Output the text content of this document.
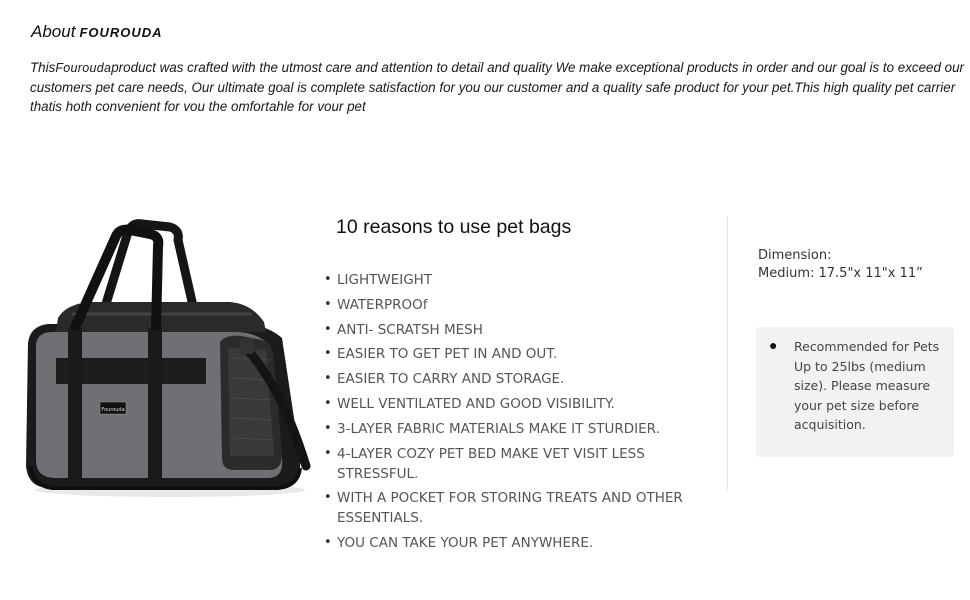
About FOUROUDA
ThisFouroudaproduct was crafted with the utmost care and attention to detail and quality We make exceptional products in order and our goal is to exceed our customers pet care needs, Our ultimate goal is complete satisfaction for you our customer and a quality safe product for your pet.This high quality pet carrier thatis hoth convenient for vou the omfortahle for vour pet
Fourouda
10 reasons to use pet bags
• LIGHTWEIGHT
• WATERPROOf
• ANTI- SCRATSH MESH
• EASIER TO GET PET IN AND OUT.
• EASIER TO CARRY AND STORAGE.
• WELL VENTILATED AND GOOD VISIBILITY.
• 3-LAYER FABRIC MATERIALS MAKE IT STURDIER.
• 4-LAYER COZY PET BED MAKE VET VISIT LESS STRESSFUL.
• WITH A POCKET FOR STORING TREATS AND OTHER ESSENTIALS.
• YOU CAN TAKE YOUR PET ANYWHERE.
Dimension:
Medium: 17.5"x 11"x 11”
● Recommended for Pets Up to 25lbs (medium size). Please measure your pet size before acquisition.
